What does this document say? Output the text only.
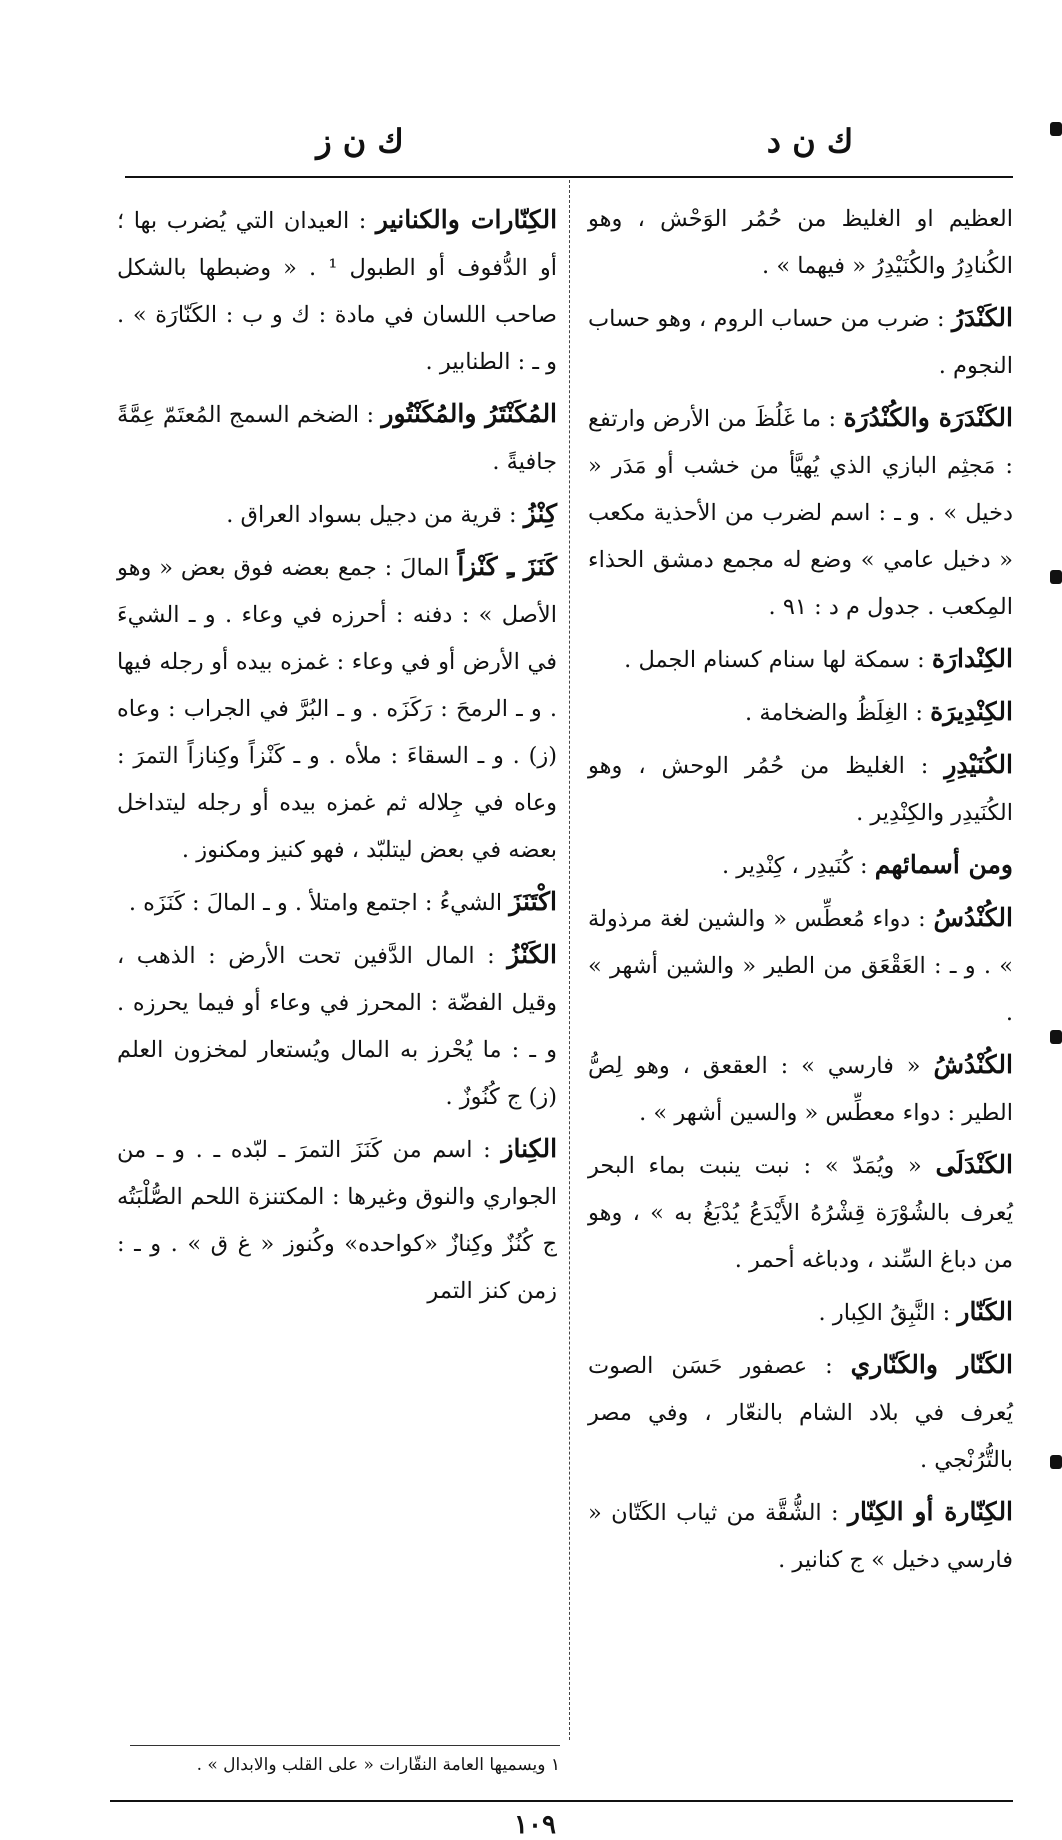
ك ن د
ك ن ز

العظيم او الغليظ من حُمُر الوَحْش ، وهو الكُنادِرُ والكُنَيْدِرُ « فيهما » .

الكَنْدَرُ : ضرب من حساب الروم ، وهو حساب النجوم .

الكَنْدَرَة والكُنْدُرَة : ما غَلُظَ من الأرض وارتفع : مَجثِم البازي الذي يُهيَّأ من خشب أو مَدَر « دخيل » . و ـ : اسم لضرب من الأحذية مكعب « دخيل عامي » وضع له مجمع دمشق الحذاء المِكعب . جدول م د : ٩١ .

الكِنْدارَة : سمكة لها سنام كسنام الجمل .

الكِنْدِيرَة : الغِلَظُ والضخامة .

الكُنَيْدِرِ : الغليظ من حُمُر الوحش ، وهو الكُنَيدِر والكِنْدِير .

ومن أسمائهم : كُنَيدِر ، كِنْدِير .

الكُنْدُسُ : دواء مُعطِّس « والشين لغة مرذولة » . و ـ : العَقْعَق من الطير « والشين أشهر » .

الكُنْدُشُ « فارسي » : العقعق ، وهو لِصُّ الطير : دواء معطِّس « والسين أشهر » .

الكَنْدَلَى « ويُمَدّ » : نبت ينبت بماء البحر يُعرف بالشُوْرَة قِشْرُهُ الأَيْدَعُ يُدْبَغُ به » ، وهو من دباغ السِّند ، ودباغه أحمر .

الكَنّار : النَّبِقُ الكِبار .

الكَنّار والكَنّاري : عصفور حَسَن الصوت يُعرف في بلاد الشام بالنعّار ، وفي مصر بالتُّرُنْجي .

الكِنّارة أو الكِنّار : الشُّقَّة من ثياب الكَتّان « فارسي دخيل » ج كنانير .

الكِنّارات والكنانير : العيدان التي يُضرب بها ؛ أو الدُّفوف أو الطبول ¹ . « وضبطها بالشكل صاحب اللسان في مادة : ك و ب : الكَنّارَة » . و ـ : الطنابير .

المُكَنْتَرُ والمُكَنْتُور : الضخم السمج المُعتَمّ عِمَّةً جافيةً .

كِنْزُ : قرية من دجيل بسواد العراق .

كَنَزَ ـِ كَنْزاً المالَ : جمع بعضه فوق بعض « وهو الأصل » : دفنه : أحرزه في وعاء . و ـ الشيءَ في الأرض أو في وعاء : غمزه بيده أو رجله فيها . و ـ الرمحَ : رَكَزَه . و ـ البُرَّ في الجراب : وعاه (ز) . و ـ السقاءَ : ملأه . و ـ كَنْزاً وكِنازاً التمرَ : وعاه في جِلاله ثم غمزه بيده أو رجله ليتداخل بعضه في بعض ليتلبّد ، فهو كنيز ومكنوز .

اكْتَنَزَ الشيءُ : اجتمع وامتلأ . و ـ المالَ : كَنَزَه .

الكَنْزُ : المال الدَّفين تحت الأرض : الذهب ، وقيل الفضّة : المحرز في وعاء أو فيما يحرزه . و ـ : ما يُحْرز به المال ويُستعار لمخزون العلم (ز) ج كُنُوزٌ .

الكِناز : اسم من كَنَزَ التمرَ ـ لبّده ـ . و ـ من الجواري والنوق وغيرها : المكتنزة اللحم الصُّلْبَتُه ج كُنُزٌ وكِنازٌ «كواحده» وكُنوز « غ ق » . و ـ : زمن كنز التمر

١ ويسميها العامة النقّارات « على القلب والابدال » .
١٠٩
